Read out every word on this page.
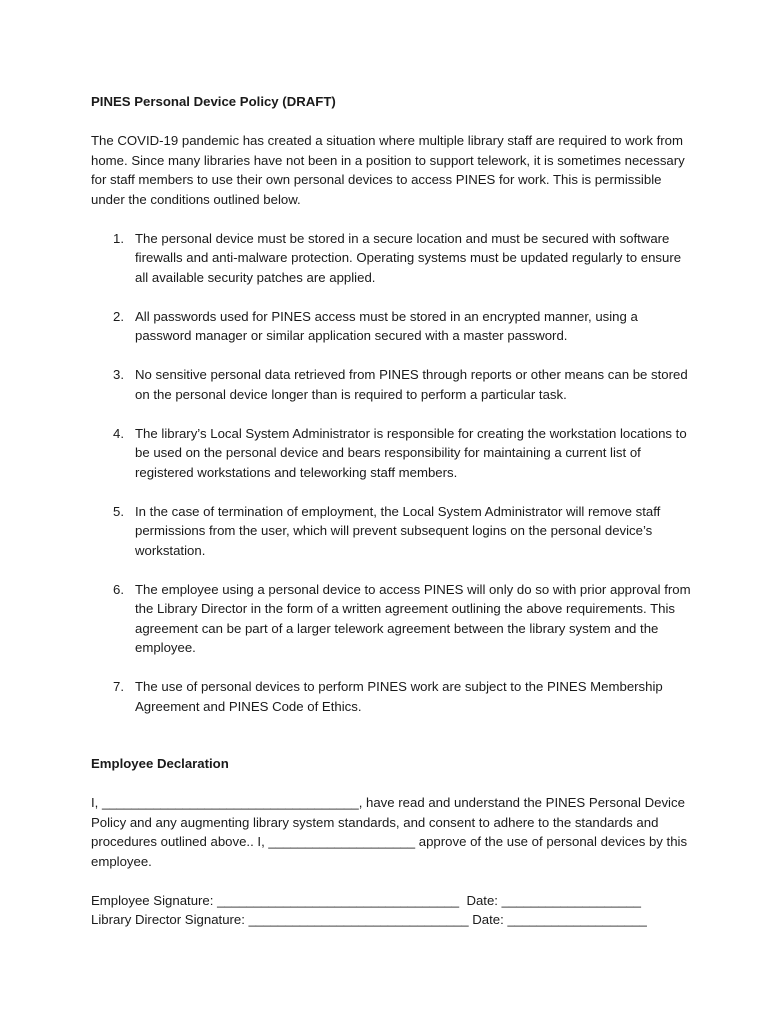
PINES Personal Device Policy (DRAFT)

The COVID-19 pandemic has created a situation where multiple library staff are required to work from home. Since many libraries have not been in a position to support telework, it is sometimes necessary for staff members to use their own personal devices to access PINES for work. This is permissible under the conditions outlined below.

1. The personal device must be stored in a secure location and must be secured with software firewalls and anti-malware protection. Operating systems must be updated regularly to ensure all available security patches are applied.
2. All passwords used for PINES access must be stored in an encrypted manner, using a password manager or similar application secured with a master password.
3. No sensitive personal data retrieved from PINES through reports or other means can be stored on the personal device longer than is required to perform a particular task.
4. The library’s Local System Administrator is responsible for creating the workstation locations to be used on the personal device and bears responsibility for maintaining a current list of registered workstations and teleworking staff members.
5. In the case of termination of employment, the Local System Administrator will remove staff permissions from the user, which will prevent subsequent logins on the personal device’s workstation.
6. The employee using a personal device to access PINES will only do so with prior approval from the Library Director in the form of a written agreement outlining the above requirements. This agreement can be part of a larger telework agreement between the library system and the employee.
7. The use of personal devices to perform PINES work are subject to the PINES Membership Agreement and PINES Code of Ethics.

Employee Declaration

I, ___________________________________, have read and understand the PINES Personal Device Policy and any augmenting library system standards, and consent to adhere to the standards and procedures outlined above.. I, ____________________ approve of the use of personal devices by this employee.

Employee Signature: _________________________________  Date: ___________________

Library Director Signature: ______________________________ Date: ___________________
